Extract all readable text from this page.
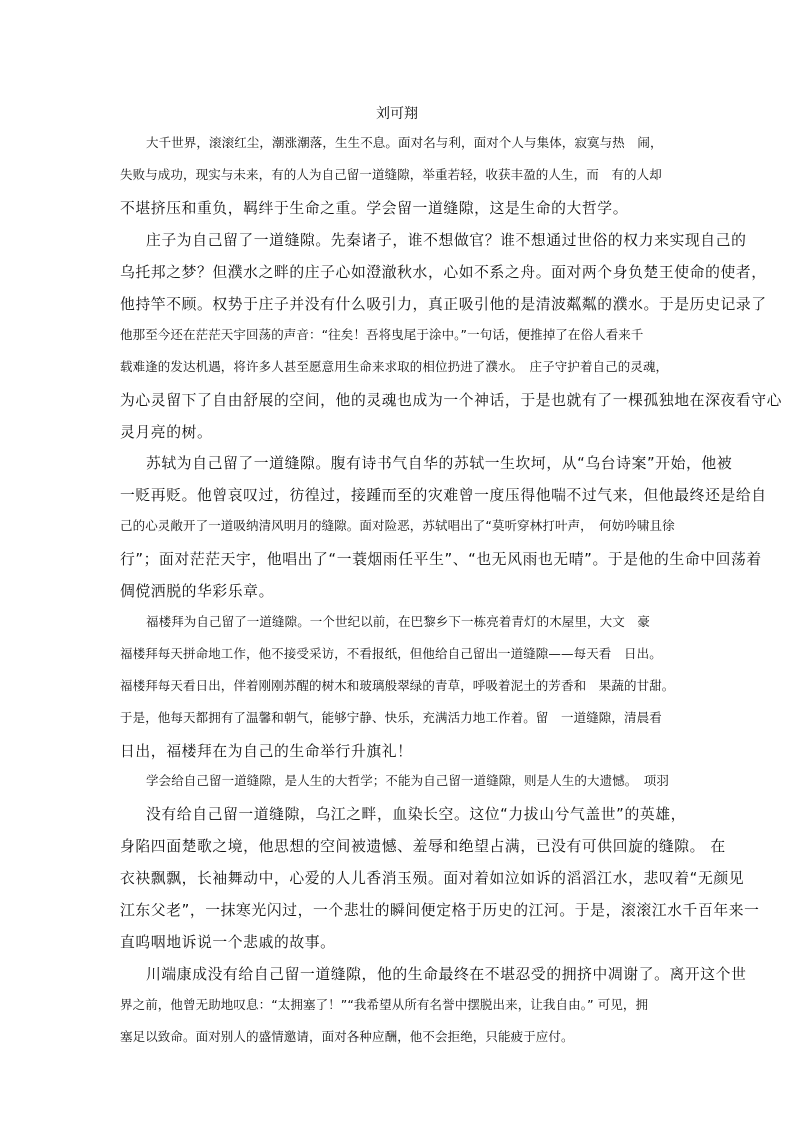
刘可翔
大千世界，滚滚红尘，潮涨潮落，生生不息。面对名与利，面对个人与集体，寂寞与热　闹，
失败与成功，现实与未来，有的人为自己留一道缝隙，举重若轻，收获丰盈的人生，而　有的人却
不堪挤压和重负，羁绊于生命之重。学会留一道缝隙，这是生命的大哲学。
庄子为自己留了一道缝隙。先秦诸子，谁不想做官？谁不想通过世俗的权力来实现自己的
乌托邦之梦？但濮水之畔的庄子心如澄澈秋水，心如不系之舟。面对两个身负楚王使命的使者，
他持竿不顾。权势于庄子并没有什么吸引力，真正吸引他的是清波粼粼的濮水。于是历史记录了
他那至今还在茫茫天宇回荡的声音：“往矣！吾将曳尾于涂中。”一句话，便推掉了在俗人看来千
载难逢的发达机遇，将许多人甚至愿意用生命来求取的相位扔进了濮水。　庄子守护着自己的灵魂，
为心灵留下了自由舒展的空间，他的灵魂也成为一个神话，于是也就有了一棵孤独地在深夜看守心
灵月亮的树。
苏轼为自己留了一道缝隙。腹有诗书气自华的苏轼一生坎坷，从“乌台诗案”开始，他被
一贬再贬。他曾哀叹过，彷徨过，接踵而至的灾难曾一度压得他喘不过气来，但他最终还是给自
己的心灵敞开了一道吸纳清风明月的缝隙。面对险恶，苏轼唱出了“莫听穿林打叶声，　何妨吟啸且徐
行”；面对茫茫天宇，他唱出了“一蓑烟雨任平生”、“也无风雨也无晴”。于是他的生命中回荡着
倜傥洒脱的华彩乐章。
福楼拜为自己留了一道缝隙。一个世纪以前，在巴黎乡下一栋亮着青灯的木屋里，大文　豪
福楼拜每天拼命地工作，他不接受采访，不看报纸，但他给自己留出一道缝隙——每天看　日出。
福楼拜每天看日出，伴着刚刚苏醒的树木和玻璃般翠绿的青草，呼吸着泥土的芳香和　果蔬的甘甜。
于是，他每天都拥有了温馨和朝气，能够宁静、快乐，充满活力地工作着。留　一道缝隙，清晨看
日出，福楼拜在为自己的生命举行升旗礼！
学会给自己留一道缝隙，是人生的大哲学；不能为自己留一道缝隙，则是人生的大遗憾。　项羽
没有给自己留一道缝隙，乌江之畔，血染长空。这位“力拔山兮气盖世”的英雄，
身陷四面楚歌之境，他思想的空间被遗憾、羞辱和绝望占满，已没有可供回旋的缝隙。 在
衣袂飘飘，长袖舞动中，心爱的人儿香消玉殒。面对着如泣如诉的滔滔江水，悲叹着“无颜见
江东父老”，一抹寒光闪过，一个悲壮的瞬间便定格于历史的江河。于是，滚滚江水千百年来一
直呜咽地诉说一个悲戚的故事。
川端康成没有给自己留一道缝隙，他的生命最终在不堪忍受的拥挤中凋谢了。离开这个世
界之前，他曾无助地叹息：“太拥塞了！”“我希望从所有名誉中摆脱出来，让我自由。” 可见，拥
塞足以致命。面对别人的盛情邀请，面对各种应酬，他不会拒绝，只能疲于应付。
